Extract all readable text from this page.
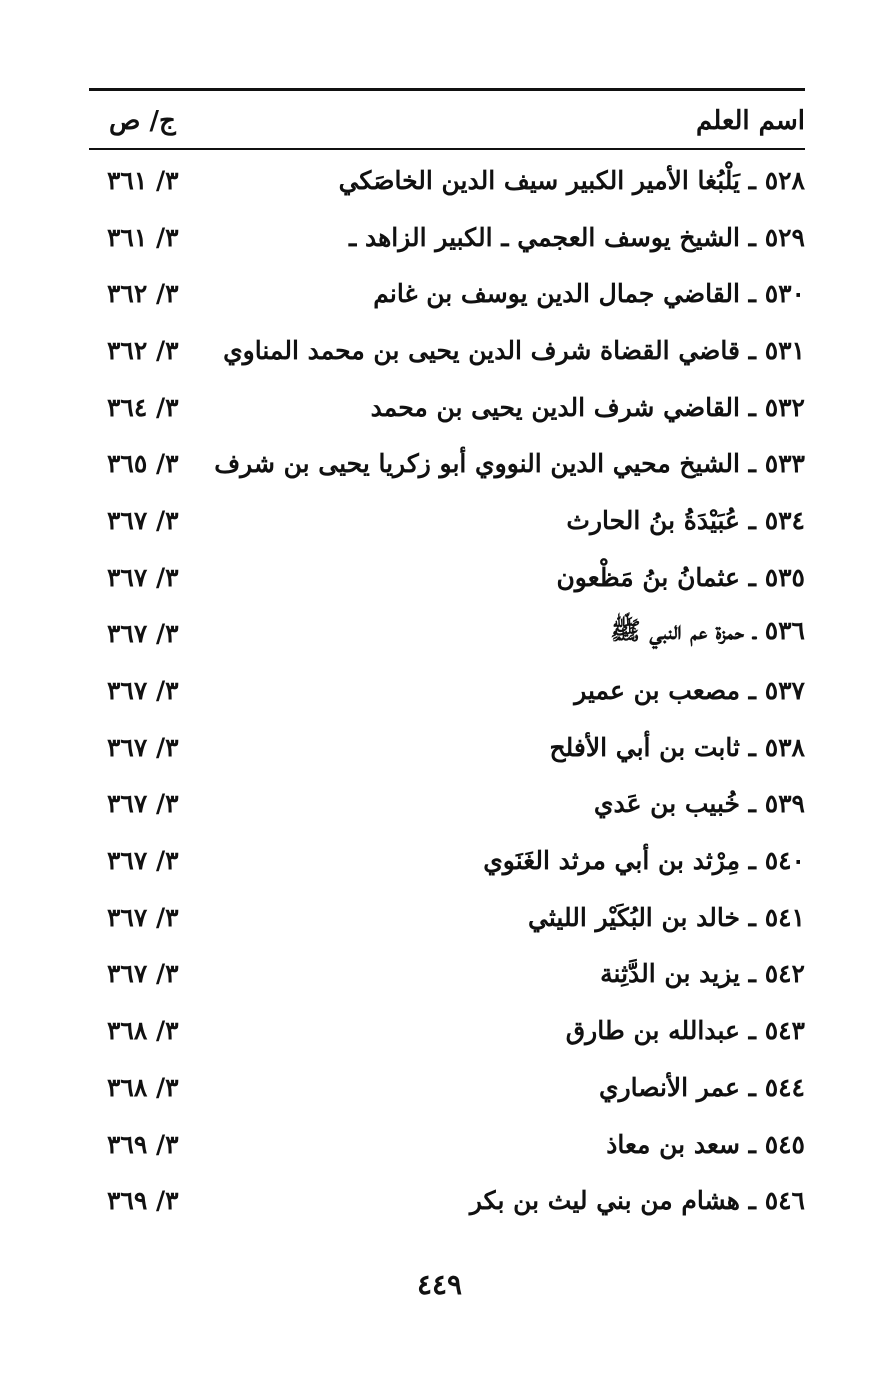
ج/ ص	اسم العلم
٣/ ٣٦١	٥٢٨ ـ يَلْبُغا الأمير الكبير سيف الدين الخاصَكي
٣/ ٣٦١	٥٢٩ ـ الشيخ يوسف العجمي ـ الكبير الزاهد ـ
٣/ ٣٦٢	٥٣٠ ـ القاضي جمال الدين يوسف بن غانم
٣/ ٣٦٢	٥٣١ ـ قاضي القضاة شرف الدين يحيى بن محمد المناوي
٣/ ٣٦٤	٥٣٢ ـ القاضي شرف الدين يحيى بن محمد
٣/ ٣٦٥	٥٣٣ ـ الشيخ محيي الدين النووي أبو زكريا يحيى بن شرف
٣/ ٣٦٧	٥٣٤ ـ عُبَيْدَةُ بنُ الحارث
٣/ ٣٦٧	٥٣٥ ـ عثمانُ بنُ مَظْعون
٣/ ٣٦٧	٥٣٦ ـ حمزة عم النبي ﷺ
٣/ ٣٦٧	٥٣٧ ـ مصعب بن عمير
٣/ ٣٦٧	٥٣٨ ـ ثابت بن أبي الأفلح
٣/ ٣٦٧	٥٣٩ ـ خُبيب بن عَدي
٣/ ٣٦٧	٥٤٠ ـ مِرْثد بن أبي مرثد الغَنَوي
٣/ ٣٦٧	٥٤١ ـ خالد بن البُكَيْر الليثي
٣/ ٣٦٧	٥٤٢ ـ يزيد بن الدَّثِنة
٣/ ٣٦٨	٥٤٣ ـ عبدالله بن طارق
٣/ ٣٦٨	٥٤٤ ـ عمر الأنصاري
٣/ ٣٦٩	٥٤٥ ـ سعد بن معاذ
٣/ ٣٦٩	٥٤٦ ـ هشام من بني ليث بن بكر
٤٤٩
